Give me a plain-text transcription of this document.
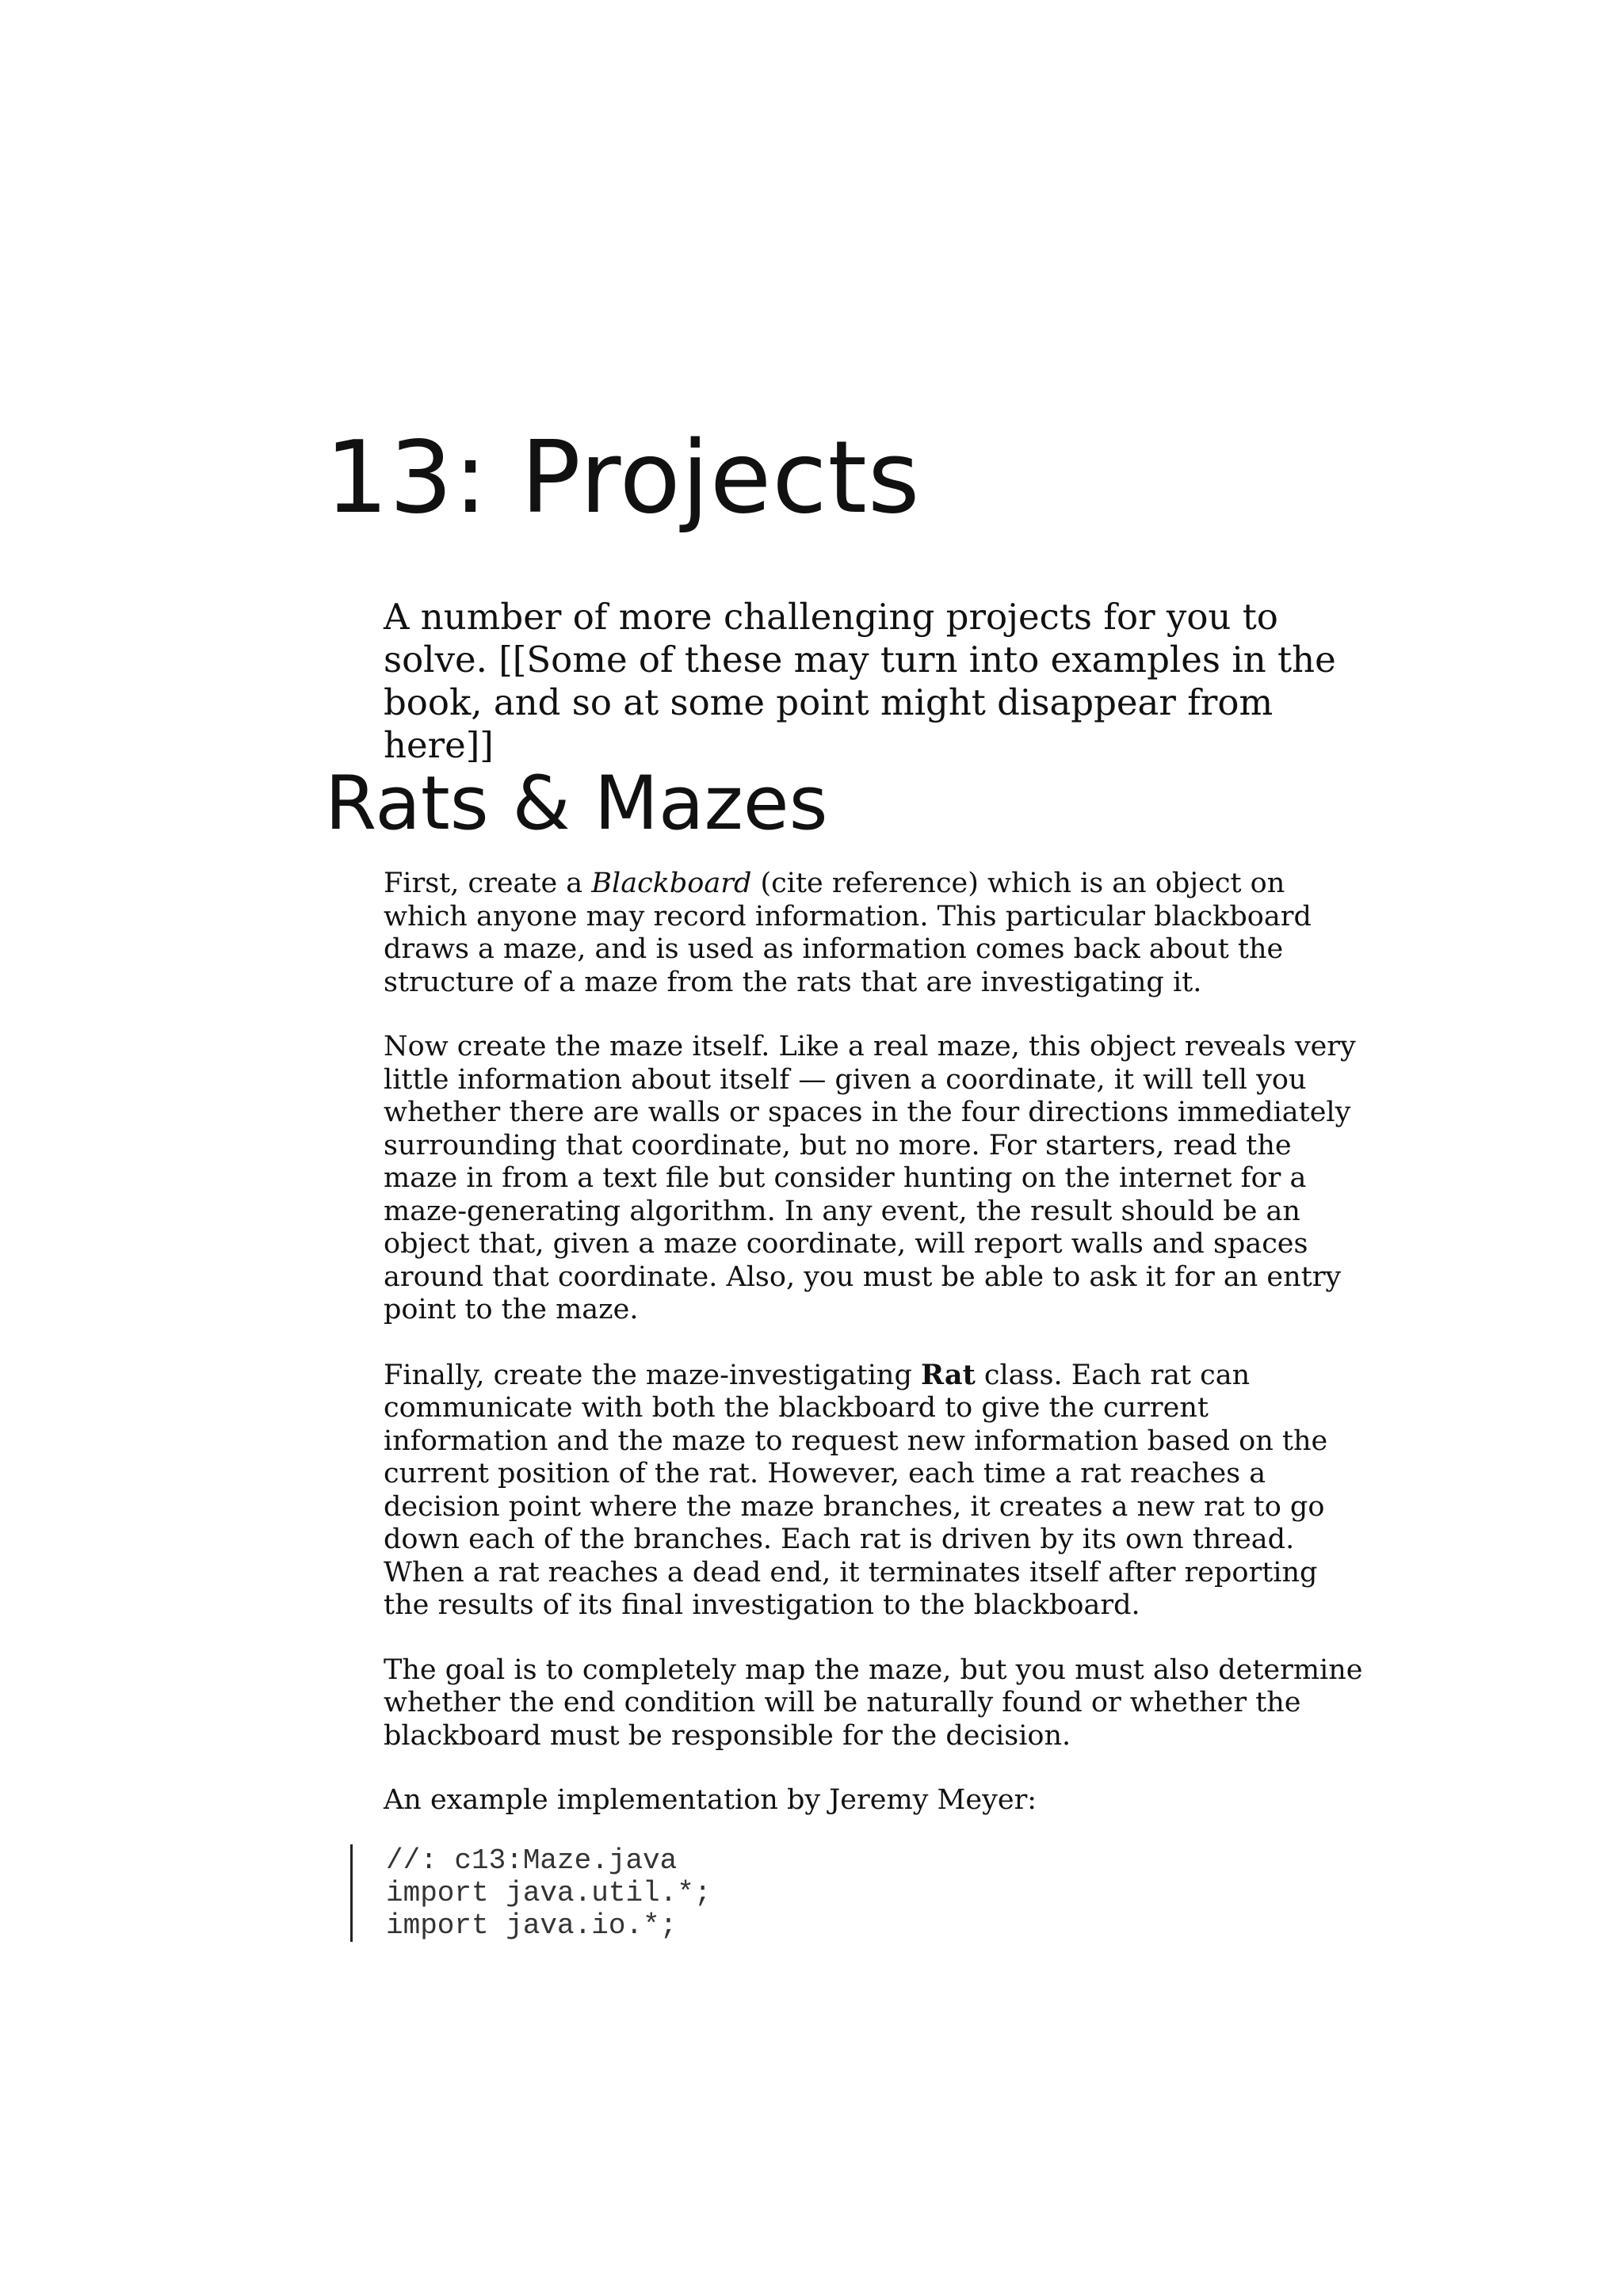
13: Projects

A number of more challenging projects for you to solve. [[Some of these may turn into examples in the book, and so at some point might disappear from here]]

Rats & Mazes

First, create a Blackboard (cite reference) which is an object on which anyone may record information. This particular blackboard draws a maze, and is used as information comes back about the structure of a maze from the rats that are investigating it.

Now create the maze itself. Like a real maze, this object reveals very little information about itself — given a coordinate, it will tell you whether there are walls or spaces in the four directions immediately surrounding that coordinate, but no more. For starters, read the maze in from a text file but consider hunting on the internet for a maze-generating algorithm. In any event, the result should be an object that, given a maze coordinate, will report walls and spaces around that coordinate. Also, you must be able to ask it for an entry point to the maze.

Finally, create the maze-investigating Rat class. Each rat can communicate with both the blackboard to give the current information and the maze to request new information based on the current position of the rat. However, each time a rat reaches a decision point where the maze branches, it creates a new rat to go down each of the branches. Each rat is driven by its own thread. When a rat reaches a dead end, it terminates itself after reporting the results of its final investigation to the blackboard.

The goal is to completely map the maze, but you must also determine whether the end condition will be naturally found or whether the blackboard must be responsible for the decision.

An example implementation by Jeremy Meyer:

//: c13:Maze.java
import java.util.*;
import java.io.*;
